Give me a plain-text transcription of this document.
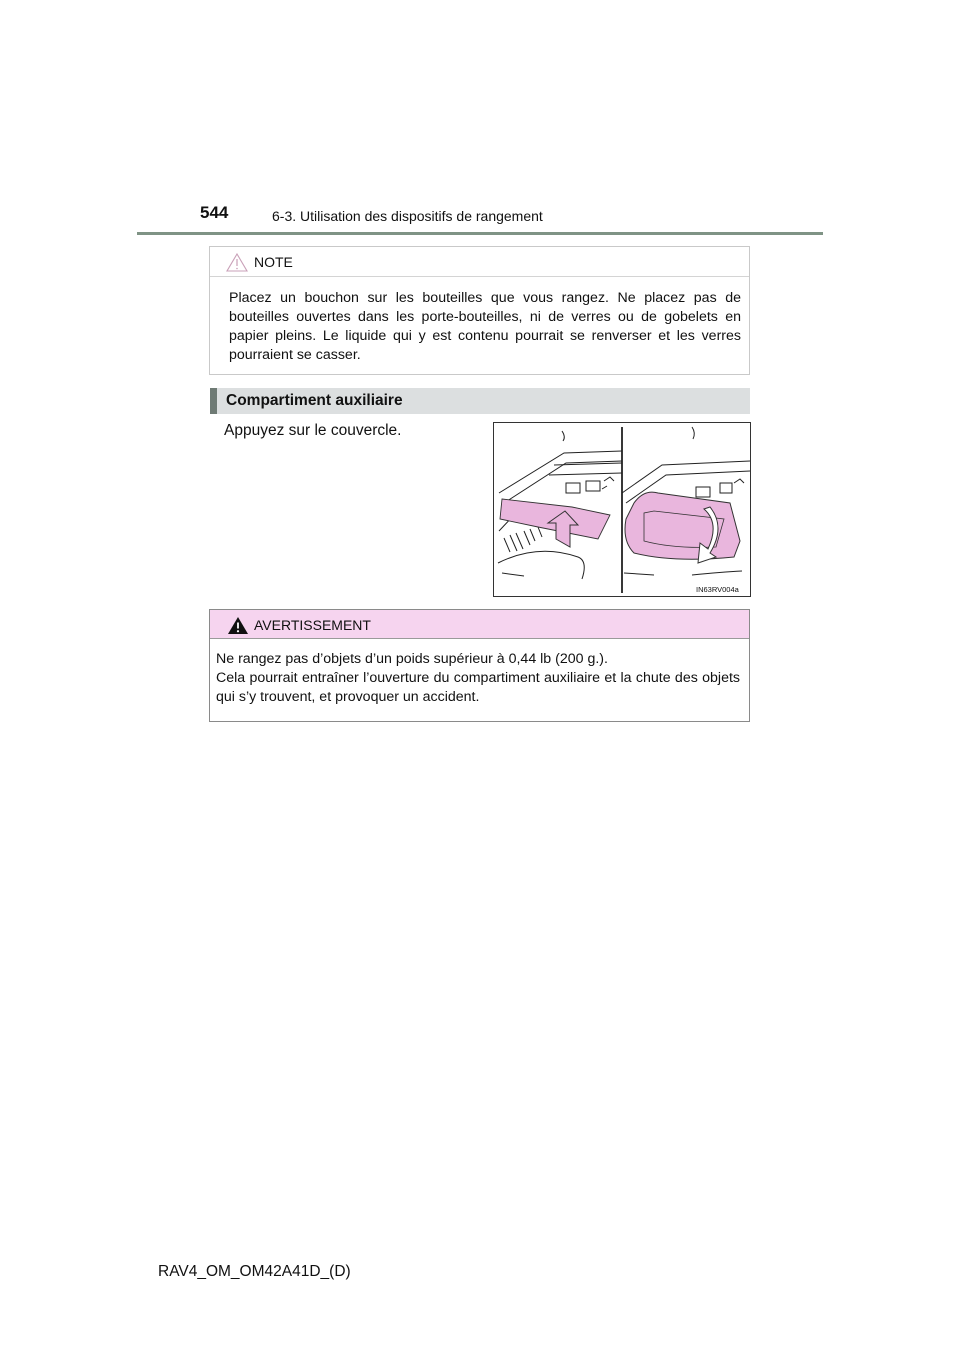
544	6-3. Utilisation des dispositifs de rangement
NOTE
Placez un bouchon sur les bouteilles que vous rangez. Ne placez pas de bouteilles ouvertes dans les porte-bouteilles, ni de verres ou de gobelets en papier pleins. Le liquide qui y est contenu pourrait se renverser et les verres pourraient se casser.
Compartiment auxiliaire
Appuyez sur le couvercle.
IN63RV004a
AVERTISSEMENT

Ne rangez pas d’objets d’un poids supérieur à 0,44 lb (200 g.).

Cela pourrait entraîner l’ouverture du compartiment auxiliaire et la chute des objets qui s’y trouvent, et provoquer un accident.

RAV4_OM_OM42A41D_(D)
